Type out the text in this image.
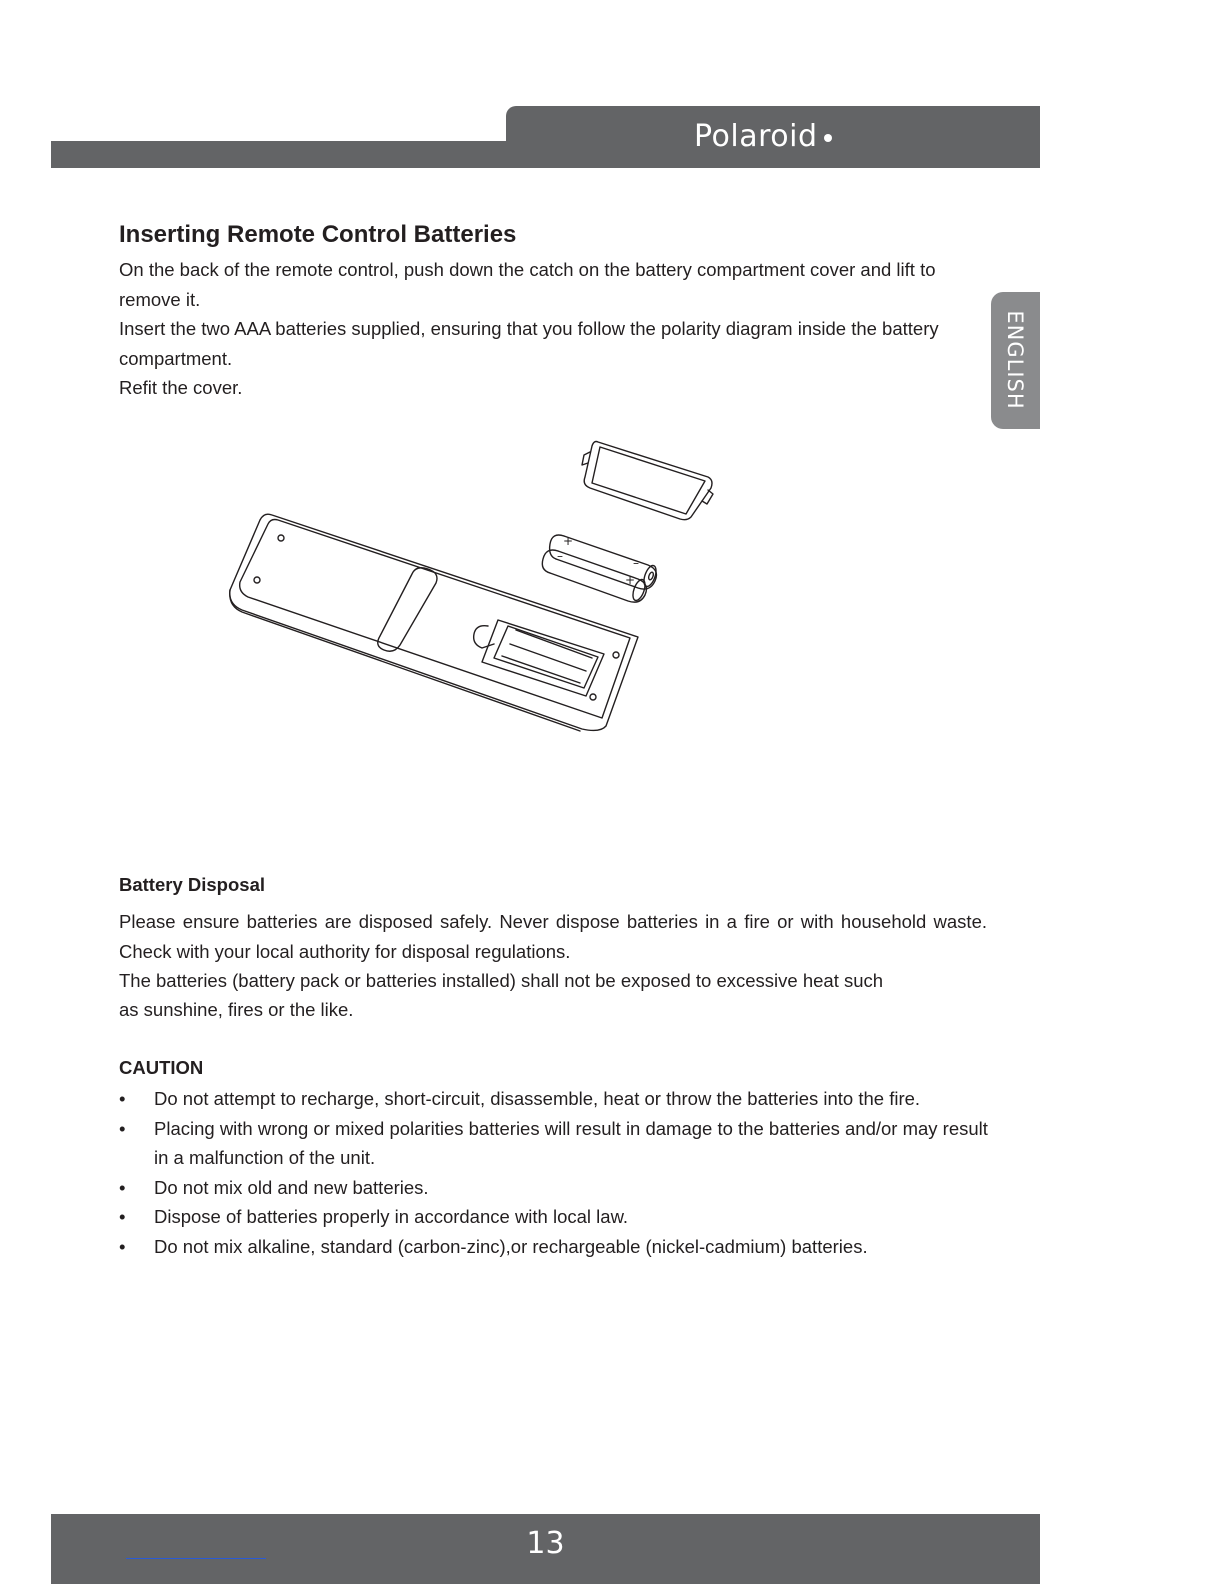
Polaroid
ENGLISH
Inserting Remote Control Batteries

On the back of the remote control, push down the catch on the battery compartment cover and lift to remove it.

Insert the two AAA batteries supplied, ensuring that you follow the polarity diagram inside the battery compartment.

Refit the cover.

+
–
–
+
Battery Disposal

Please ensure batteries are disposed safely. Never dispose batteries in a fire or with household waste. Check with your local authority for disposal regulations.

The batteries (battery pack or batteries installed) shall not be exposed to excessive heat such

as sunshine, fires or the like.

CAUTION
• Do not attempt to recharge, short-circuit, disassemble, heat or throw the batteries into the fire.
• Placing with wrong or mixed polarities batteries will result in damage to the batteries and/or may result in a malfunction of the unit.
• Do not mix old and new batteries.
• Dispose of batteries properly in accordance with local law.
• Do not mix alkaline, standard (carbon-zinc),or rechargeable (nickel-cadmium) batteries.
13
